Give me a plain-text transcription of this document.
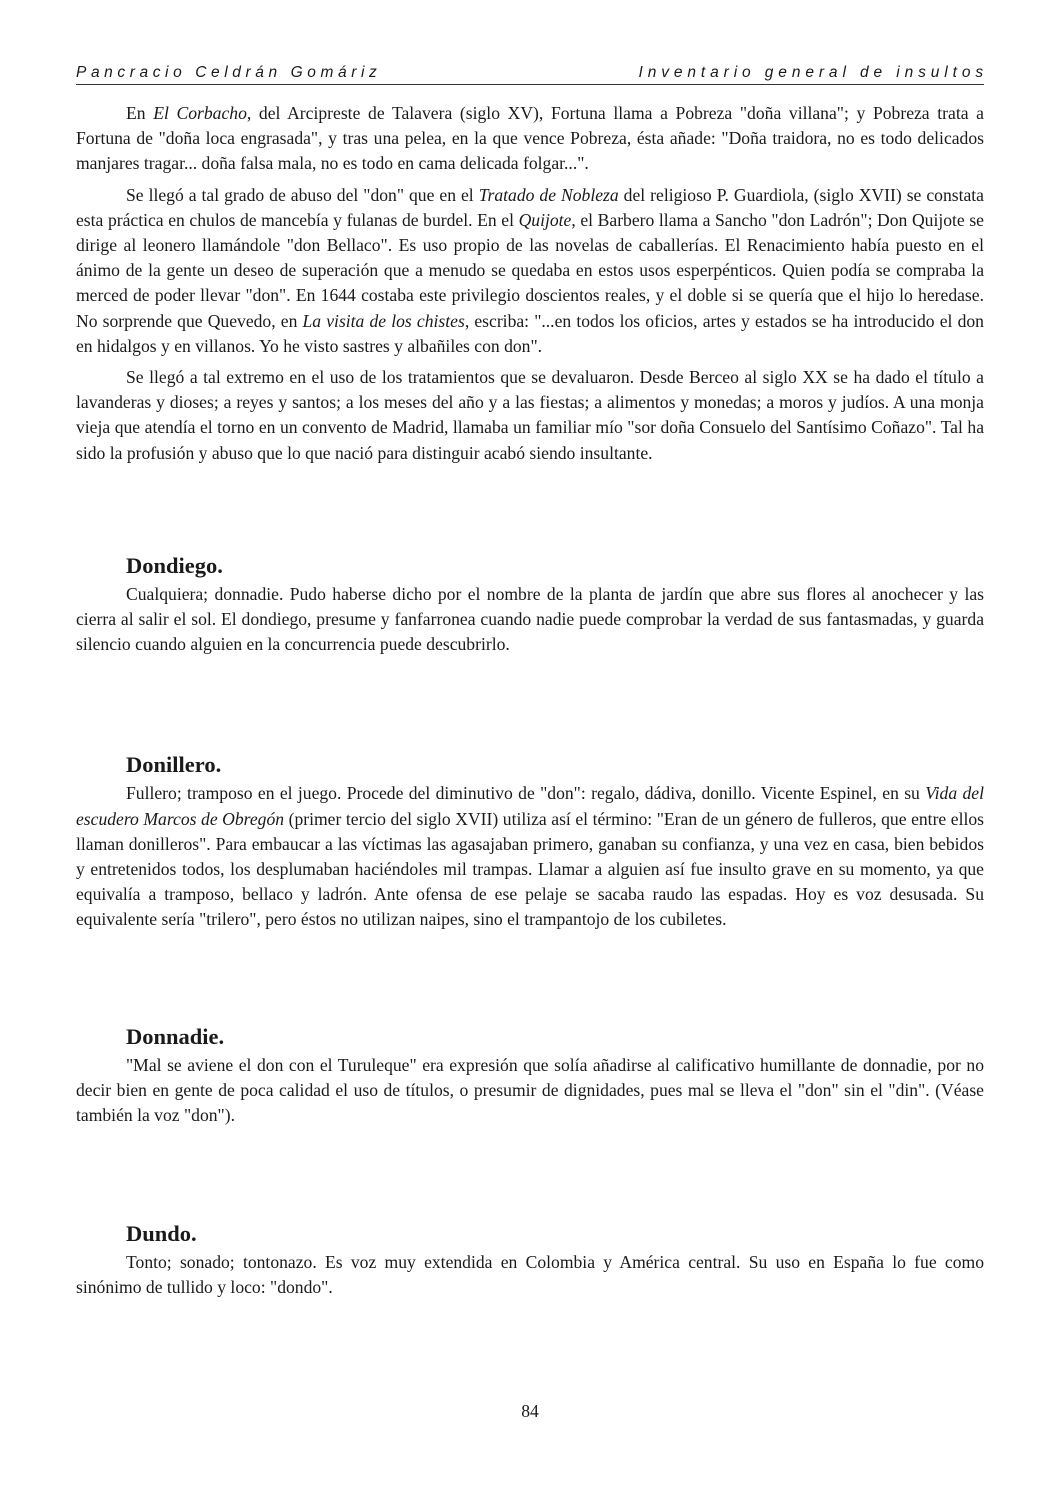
Pancracio Celdrán Gomáriz	Inventario general de insultos

En El Corbacho, del Arcipreste de Talavera (siglo XV), Fortuna llama a Pobreza "doña villana"; y Pobreza trata a Fortuna de "doña loca engrasada", y tras una pelea, en la que vence Pobreza, ésta añade: "Doña traidora, no es todo delicados manjares tragar... doña falsa mala, no es todo en cama delicada folgar...".

Se llegó a tal grado de abuso del "don" que en el Tratado de Nobleza del religioso P. Guardiola, (siglo XVII) se constata esta práctica en chulos de mancebía y fulanas de burdel. En el Quijote, el Barbero llama a Sancho "don Ladrón"; Don Quijote se dirige al leonero llamándole "don Bellaco". Es uso propio de las novelas de caballerías. El Renacimiento había puesto en el ánimo de la gente un deseo de superación que a menudo se quedaba en estos usos esperpénticos. Quien podía se compraba la merced de poder llevar "don". En 1644 costaba este privilegio doscientos reales, y el doble si se quería que el hijo lo heredase. No sorprende que Quevedo, en La visita de los chistes, escriba: "...en todos los oficios, artes y estados se ha introducido el don en hidalgos y en villanos. Yo he visto sastres y albañiles con don".

Se llegó a tal extremo en el uso de los tratamientos que se devaluaron. Desde Berceo al siglo XX se ha dado el título a lavanderas y dioses; a reyes y santos; a los meses del año y a las fiestas; a alimentos y monedas; a moros y judíos. A una monja vieja que atendía el torno en un convento de Madrid, llamaba un familiar mío "sor doña Consuelo del Santísimo Coñazo". Tal ha sido la profusión y abuso que lo que nació para distinguir acabó siendo insultante.

Dondiego.

Cualquiera; donnadie. Pudo haberse dicho por el nombre de la planta de jardín que abre sus flores al anochecer y las cierra al salir el sol. El dondiego, presume y fanfarronea cuando nadie puede comprobar la verdad de sus fantasmadas, y guarda silencio cuando alguien en la concurrencia puede descubrirlo.

Donillero.

Fullero; tramposo en el juego. Procede del diminutivo de "don": regalo, dádiva, donillo. Vicente Espinel, en su Vida del escudero Marcos de Obregón (primer tercio del siglo XVII) utiliza así el término: "Eran de un género de fulleros, que entre ellos llaman donilleros". Para embaucar a las víctimas las agasajaban primero, ganaban su confianza, y una vez en casa, bien bebidos y entretenidos todos, los desplumaban haciéndoles mil trampas. Llamar a alguien así fue insulto grave en su momento, ya que equivalía a tramposo, bellaco y ladrón. Ante ofensa de ese pelaje se sacaba raudo las espadas. Hoy es voz desusada. Su equivalente sería "trilero", pero éstos no utilizan naipes, sino el trampantojo de los cubiletes.

Donnadie.

"Mal se aviene el don con el Turuleque" era expresión que solía añadirse al calificativo humillante de donnadie, por no decir bien en gente de poca calidad el uso de títulos, o presumir de dignidades, pues mal se lleva el "don" sin el "din". (Véase también la voz "don").

Dundo.

Tonto; sonado; tontonazo. Es voz muy extendida en Colombia y América central. Su uso en España lo fue como sinónimo de tullido y loco: "dondo".

84
